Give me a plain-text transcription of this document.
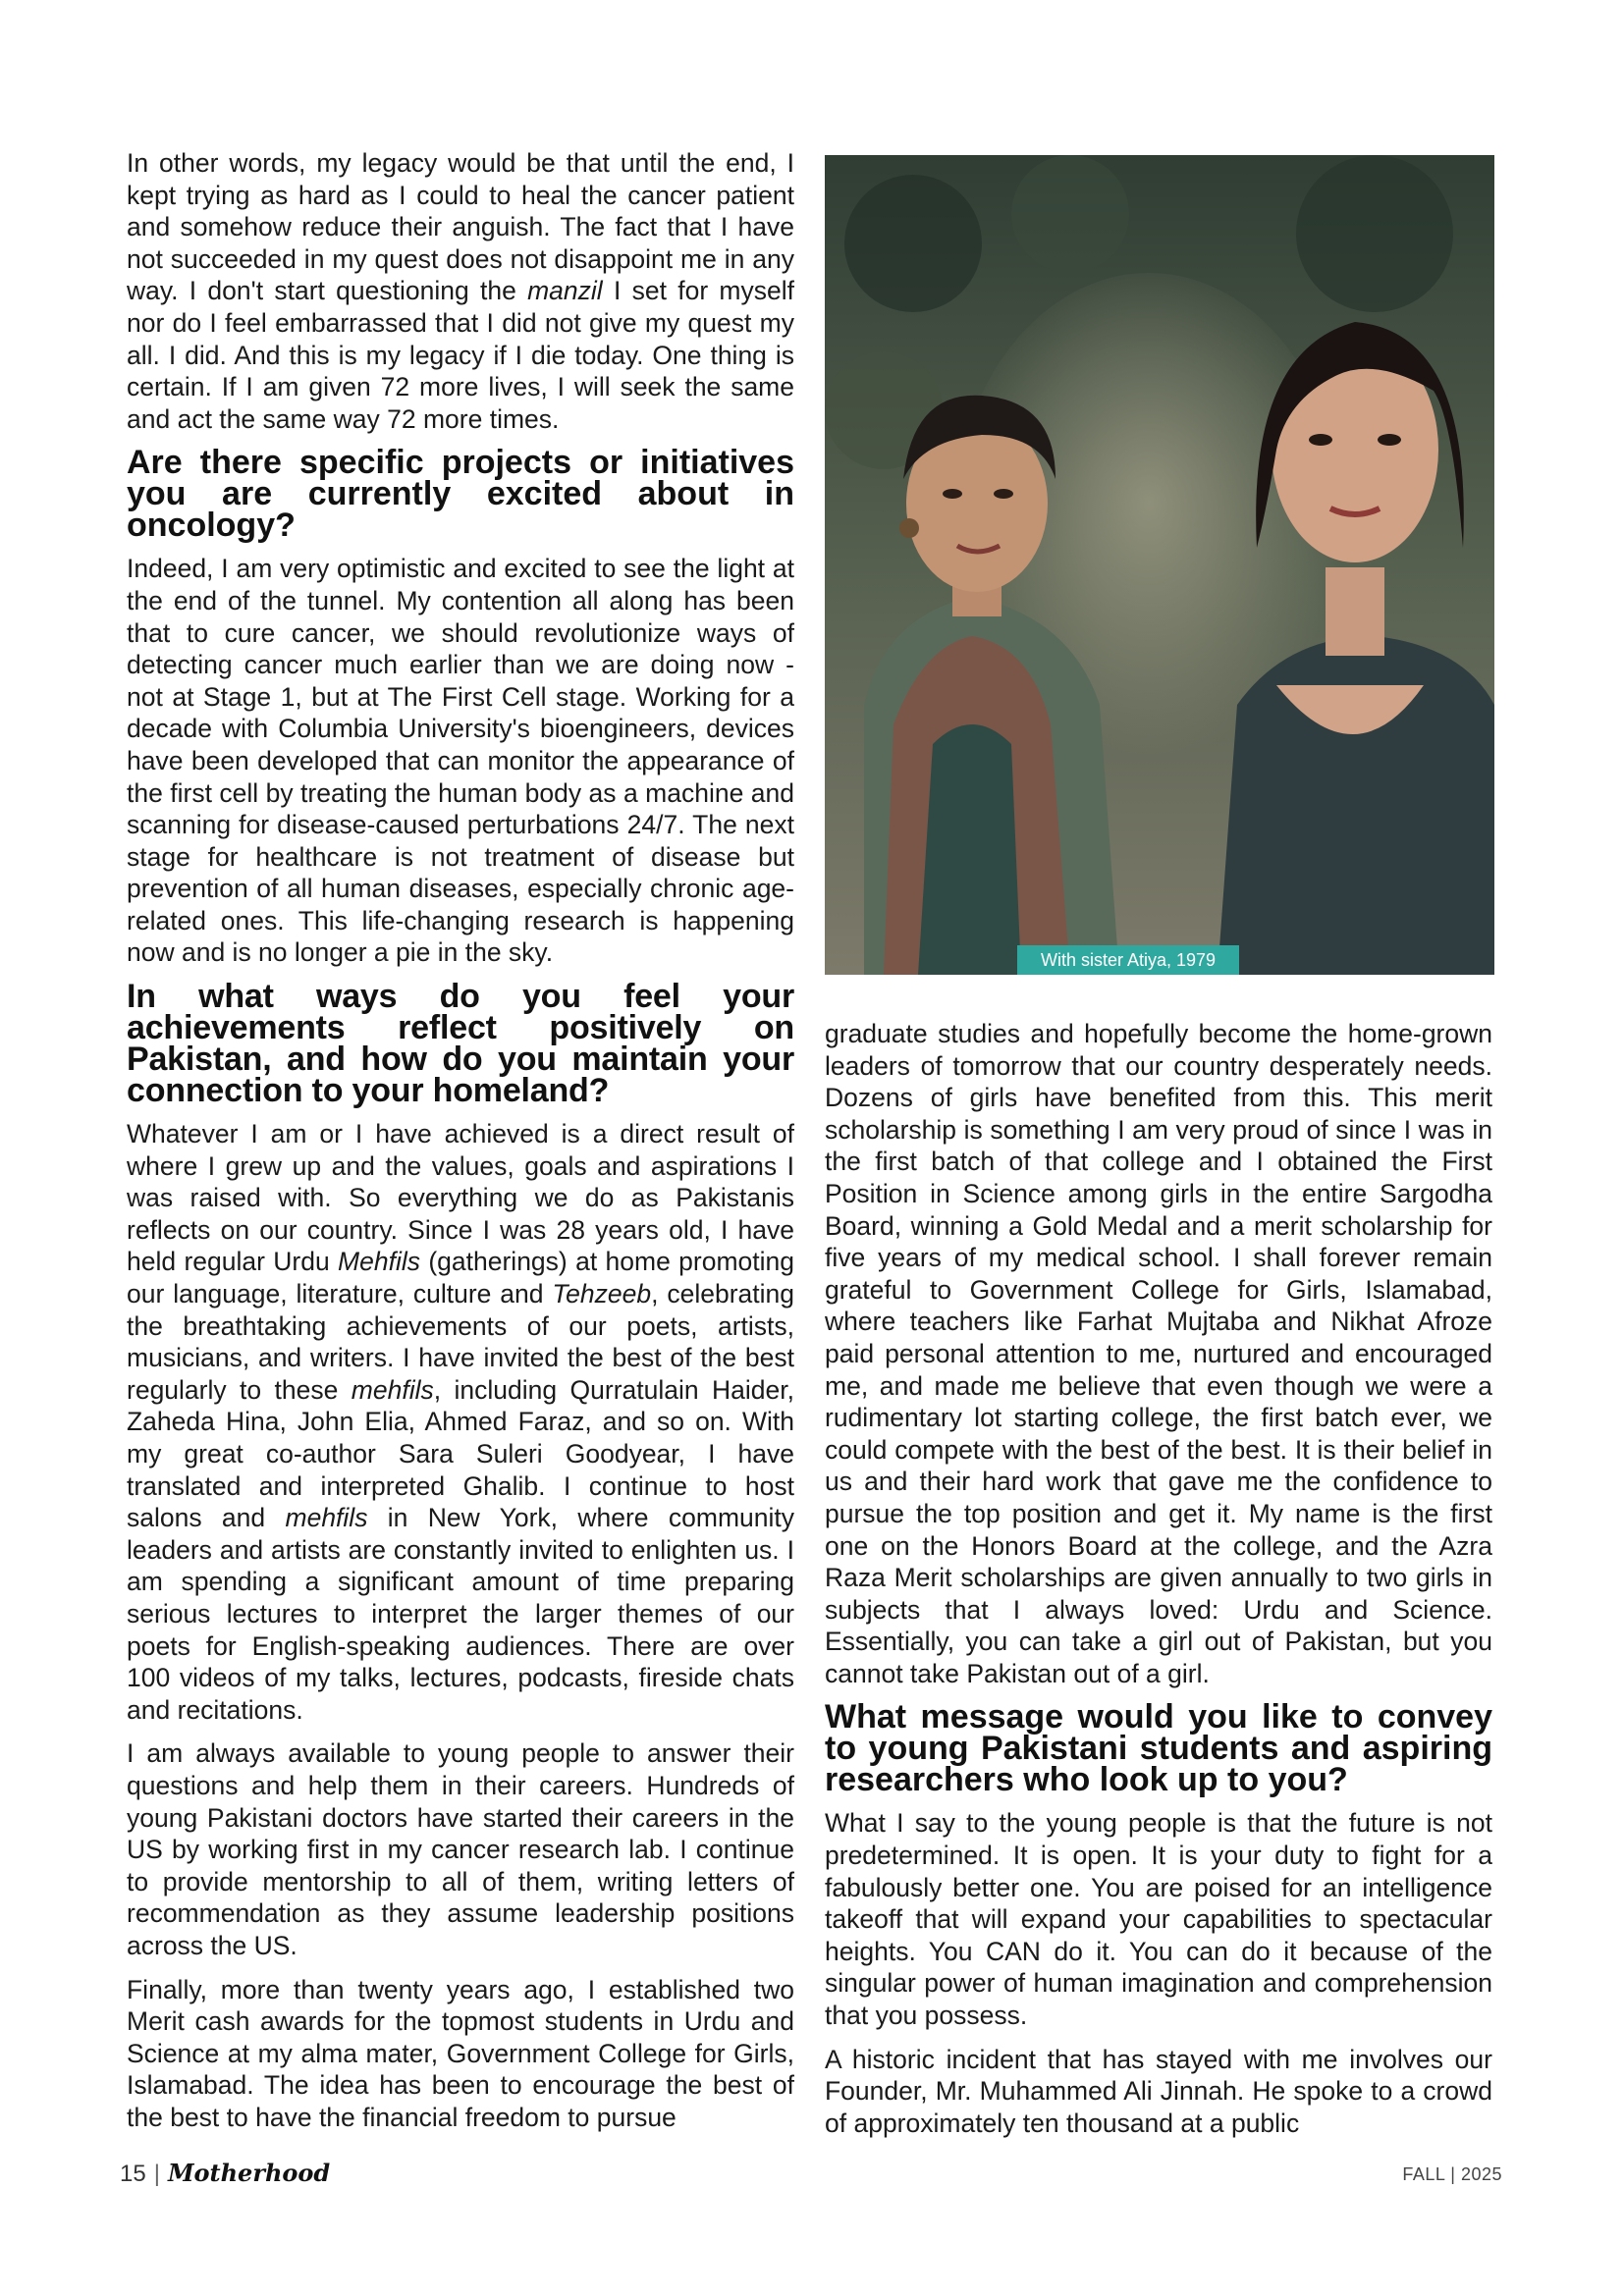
In other words, my legacy would be that until the end, I kept trying as hard as I could to heal the cancer patient and somehow reduce their anguish. The fact that I have not succeeded in my quest does not disappoint me in any way. I don't start questioning the manzil I set for myself nor do I feel embarrassed that I did not give my quest my all. I did. And this is my legacy if I die today. One thing is certain. If I am given 72 more lives, I will seek the same and act the same way 72 more times.

Are there specific projects or initiatives you are currently excited about in oncology?

Indeed, I am very optimistic and excited to see the light at the end of the tunnel. My contention all along has been that to cure cancer, we should revolutionize ways of detecting cancer much earlier than we are doing now - not at Stage 1, but at The First Cell stage. Working for a decade with Columbia University's bioengineers, devices have been developed that can monitor the appearance of the first cell by treating the human body as a machine and scanning for disease-caused perturbations 24/7. The next stage for healthcare is not treatment of disease but prevention of all human diseases, especially chronic age-related ones. This life-changing research is happening now and is no longer a pie in the sky.

In what ways do you feel your achievements reflect positively on Pakistan, and how do you maintain your connection to your homeland?

Whatever I am or I have achieved is a direct result of where I grew up and the values, goals and aspirations I was raised with. So everything we do as Pakistanis reflects on our country. Since I was 28 years old, I have held regular Urdu Mehfils (gatherings) at home promoting our language, literature, culture and Tehzeeb, celebrating the breathtaking achievements of our poets, artists, musicians, and writers. I have invited the best of the best regularly to these mehfils, including Qurratulain Haider, Zaheda Hina, John Elia, Ahmed Faraz, and so on. With my great co-author Sara Suleri Goodyear, I have translated and interpreted Ghalib. I continue to host salons and mehfils in New York, where community leaders and artists are constantly invited to enlighten us. I am spending a significant amount of time preparing serious lectures to interpret the larger themes of our poets for English-speaking audiences. There are over 100 videos of my talks, lectures, podcasts, fireside chats and recitations.

I am always available to young people to answer their questions and help them in their careers. Hundreds of young Pakistani doctors have started their careers in the US by working first in my cancer research lab. I continue to provide mentorship to all of them, writing letters of recommendation as they assume leadership positions across the US.

Finally, more than twenty years ago, I established two Merit cash awards for the topmost students in Urdu and Science at my alma mater, Government College for Girls, Islamabad. The idea has been to encourage the best of the best to have the financial freedom to pursue

With sister Atiya, 1979

graduate studies and hopefully become the home-grown leaders of tomorrow that our country desperately needs. Dozens of girls have benefited from this. This merit scholarship is something I am very proud of since I was in the first batch of that college and I obtained the First Position in Science among girls in the entire Sargodha Board, winning a Gold Medal and a merit scholarship for five years of my medical school. I shall forever remain grateful to Government College for Girls, Islamabad, where teachers like Farhat Mujtaba and Nikhat Afroze paid personal attention to me, nurtured and encouraged me, and made me believe that even though we were a rudimentary lot starting college, the first batch ever, we could compete with the best of the best. It is their belief in us and their hard work that gave me the confidence to pursue the top position and get it. My name is the first one on the Honors Board at the college, and the Azra Raza Merit scholarships are given annually to two girls in subjects that I always loved: Urdu and Science. Essentially, you can take a girl out of Pakistan, but you cannot take Pakistan out of a girl.

What message would you like to convey to young Pakistani students and aspiring researchers who look up to you?

What I say to the young people is that the future is not predetermined. It is open. It is your duty to fight for a fabulously better one. You are poised for an intelligence takeoff that will expand your capabilities to spectacular heights. You CAN do it. You can do it because of the singular power of human imagination and comprehension that you possess.

A historic incident that has stayed with me involves our Founder, Mr. Muhammed Ali Jinnah. He spoke to a crowd of approximately ten thousand at a public

15 | Motherhood	FALL | 2025
